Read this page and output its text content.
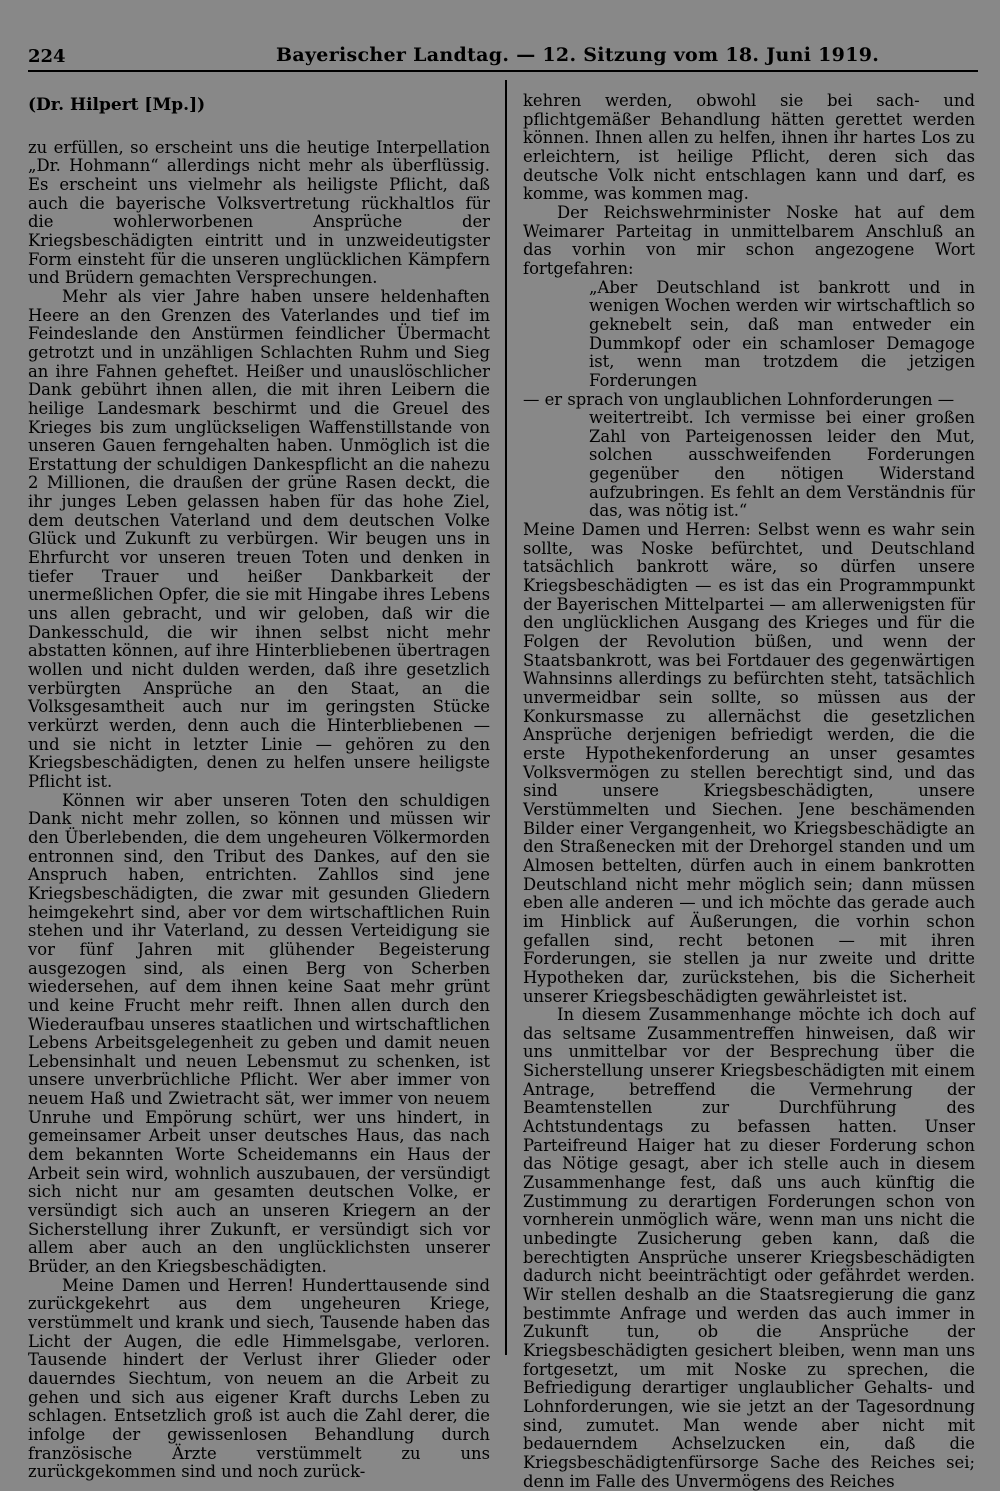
224	Bayerischer Landtag. — 12. Sitzung vom 18. Juni 1919.
(Dr. Hilpert [Mp.])

zu erfüllen, so erscheint uns die heutige Interpellation „Dr. Hohmann“ allerdings nicht mehr als überflüssig. Es erscheint uns vielmehr als heiligste Pflicht, daß auch die bayerische Volksvertretung rückhaltlos für die wohlerworbenen Ansprüche der Kriegsbeschädigten eintritt und in unzweideutigster Form einsteht für die unseren unglücklichen Kämpfern und Brüdern gemachten Versprechungen.

Mehr als vier Jahre haben unsere heldenhaften Heere an den Grenzen des Vaterlandes und tief im Feindeslande den Anstürmen feindlicher Übermacht getrotzt und in unzähligen Schlachten Ruhm und Sieg an ihre Fahnen geheftet. Heißer und unauslöschlicher Dank gebührt ihnen allen, die mit ihren Leibern die heilige Landesmark beschirmt und die Greuel des Krieges bis zum unglückseligen Waffenstillstande von unseren Gauen ferngehalten haben. Unmöglich ist die Erstattung der schuldigen Dankespflicht an die nahezu 2 Millionen, die draußen der grüne Rasen deckt, die ihr junges Leben gelassen haben für das hohe Ziel, dem deutschen Vaterland und dem deutschen Volke Glück und Zukunft zu verbürgen. Wir beugen uns in Ehrfurcht vor unseren treuen Toten und denken in tiefer Trauer und heißer Dankbarkeit der unermeßlichen Opfer, die sie mit Hingabe ihres Lebens uns allen gebracht, und wir geloben, daß wir die Dankesschuld, die wir ihnen selbst nicht mehr abstatten können, auf ihre Hinterbliebenen übertragen wollen und nicht dulden werden, daß ihre gesetzlich verbürgten Ansprüche an den Staat, an die Volksgesamtheit auch nur im geringsten Stücke verkürzt werden, denn auch die Hinterbliebenen — und sie nicht in letzter Linie — gehören zu den Kriegsbeschädigten, denen zu helfen unsere heiligste Pflicht ist.

Können wir aber unseren Toten den schuldigen Dank nicht mehr zollen, so können und müssen wir den Überlebenden, die dem ungeheuren Völkermorden entronnen sind, den Tribut des Dankes, auf den sie Anspruch haben, entrichten. Zahllos sind jene Kriegsbeschädigten, die zwar mit gesunden Gliedern heimgekehrt sind, aber vor dem wirtschaftlichen Ruin stehen und ihr Vaterland, zu dessen Verteidigung sie vor fünf Jahren mit glühender Begeisterung ausgezogen sind, als einen Berg von Scherben wiedersehen, auf dem ihnen keine Saat mehr grünt und keine Frucht mehr reift. Ihnen allen durch den Wiederaufbau unseres staatlichen und wirtschaftlichen Lebens Arbeitsgelegenheit zu geben und damit neuen Lebensinhalt und neuen Lebensmut zu schenken, ist unsere unverbrüchliche Pflicht. Wer aber immer von neuem Haß und Zwietracht sät, wer immer von neuem Unruhe und Empörung schürt, wer uns hindert, in gemeinsamer Arbeit unser deutsches Haus, das nach dem bekannten Worte Scheidemanns ein Haus der Arbeit sein wird, wohnlich auszubauen, der versündigt sich nicht nur am gesamten deutschen Volke, er versündigt sich auch an unseren Kriegern an der Sicherstellung ihrer Zukunft, er versündigt sich vor allem aber auch an den unglücklichsten unserer Brüder, an den Kriegsbeschädigten.

Meine Damen und Herren! Hunderttausende sind zurückgekehrt aus dem ungeheuren Kriege, verstümmelt und krank und siech, Tausende haben das Licht der Augen, die edle Himmelsgabe, verloren. Tausende hindert der Verlust ihrer Glieder oder dauerndes Siechtum, von neuem an die Arbeit zu gehen und sich aus eigener Kraft durchs Leben zu schlagen. Entsetzlich groß ist auch die Zahl derer, die infolge der gewissenlosen Behandlung durch französische Ärzte verstümmelt zu uns zurückgekommen sind und noch zurück-

kehren werden, obwohl sie bei sach- und pflichtgemäßer Behandlung hätten gerettet werden können. Ihnen allen zu helfen, ihnen ihr hartes Los zu erleichtern, ist heilige Pflicht, deren sich das deutsche Volk nicht entschlagen kann und darf, es komme, was kommen mag.

Der Reichswehrminister Noske hat auf dem Weimarer Parteitag in unmittelbarem Anschluß an das vorhin von mir schon angezogene Wort fortgefahren:

„Aber Deutschland ist bankrott und in wenigen Wochen werden wir wirtschaftlich so geknebelt sein, daß man entweder ein Dummkopf oder ein schamloser Demagoge ist, wenn man trotzdem die jetzigen Forderungen

— er sprach von unglaublichen Lohnforderungen —

weitertreibt. Ich vermisse bei einer großen Zahl von Parteigenossen leider den Mut, solchen ausschweifenden Forderungen gegenüber den nötigen Widerstand aufzubringen. Es fehlt an dem Verständnis für das, was nötig ist.“

Meine Damen und Herren: Selbst wenn es wahr sein sollte, was Noske befürchtet, und Deutschland tatsächlich bankrott wäre, so dürfen unsere Kriegsbeschädigten — es ist das ein Programmpunkt der Bayerischen Mittelpartei — am allerwenigsten für den unglücklichen Ausgang des Krieges und für die Folgen der Revolution büßen, und wenn der Staatsbankrott, was bei Fortdauer des gegenwärtigen Wahnsinns allerdings zu befürchten steht, tatsächlich unvermeidbar sein sollte, so müssen aus der Konkursmasse zu allernächst die gesetzlichen Ansprüche derjenigen befriedigt werden, die die erste Hypothekenforderung an unser gesamtes Volksvermögen zu stellen berechtigt sind, und das sind unsere Kriegsbeschädigten, unsere Verstümmelten und Siechen. Jene beschämenden Bilder einer Vergangenheit, wo Kriegsbeschädigte an den Straßenecken mit der Drehorgel standen und um Almosen bettelten, dürfen auch in einem bankrotten Deutschland nicht mehr möglich sein; dann müssen eben alle anderen — und ich möchte das gerade auch im Hinblick auf Äußerungen, die vorhin schon gefallen sind, recht betonen — mit ihren Forderungen, sie stellen ja nur zweite und dritte Hypotheken dar, zurückstehen, bis die Sicherheit unserer Kriegsbeschädigten gewährleistet ist.

In diesem Zusammenhange möchte ich doch auf das seltsame Zusammentreffen hinweisen, daß wir uns unmittelbar vor der Besprechung über die Sicherstellung unserer Kriegsbeschädigten mit einem Antrage, betreffend die Vermehrung der Beamtenstellen zur Durchführung des Achtstundentags zu befassen hatten. Unser Parteifreund Haiger hat zu dieser Forderung schon das Nötige gesagt, aber ich stelle auch in diesem Zusammenhange fest, daß uns auch künftig die Zustimmung zu derartigen Forderungen schon von vornherein unmöglich wäre, wenn man uns nicht die unbedingte Zusicherung geben kann, daß die berechtigten Ansprüche unserer Kriegsbeschädigten dadurch nicht beeinträchtigt oder gefährdet werden. Wir stellen deshalb an die Staatsregierung die ganz bestimmte Anfrage und werden das auch immer in Zukunft tun, ob die Ansprüche der Kriegsbeschädigten gesichert bleiben, wenn man uns fortgesetzt, um mit Noske zu sprechen, die Befriedigung derartiger unglaublicher Gehalts- und Lohnforderungen, wie sie jetzt an der Tagesordnung sind, zumutet. Man wende aber nicht mit bedauerndem Achselzucken ein, daß die Kriegsbeschädigtenfürsorge Sache des Reiches sei; denn im Falle des Unvermögens des Reiches
